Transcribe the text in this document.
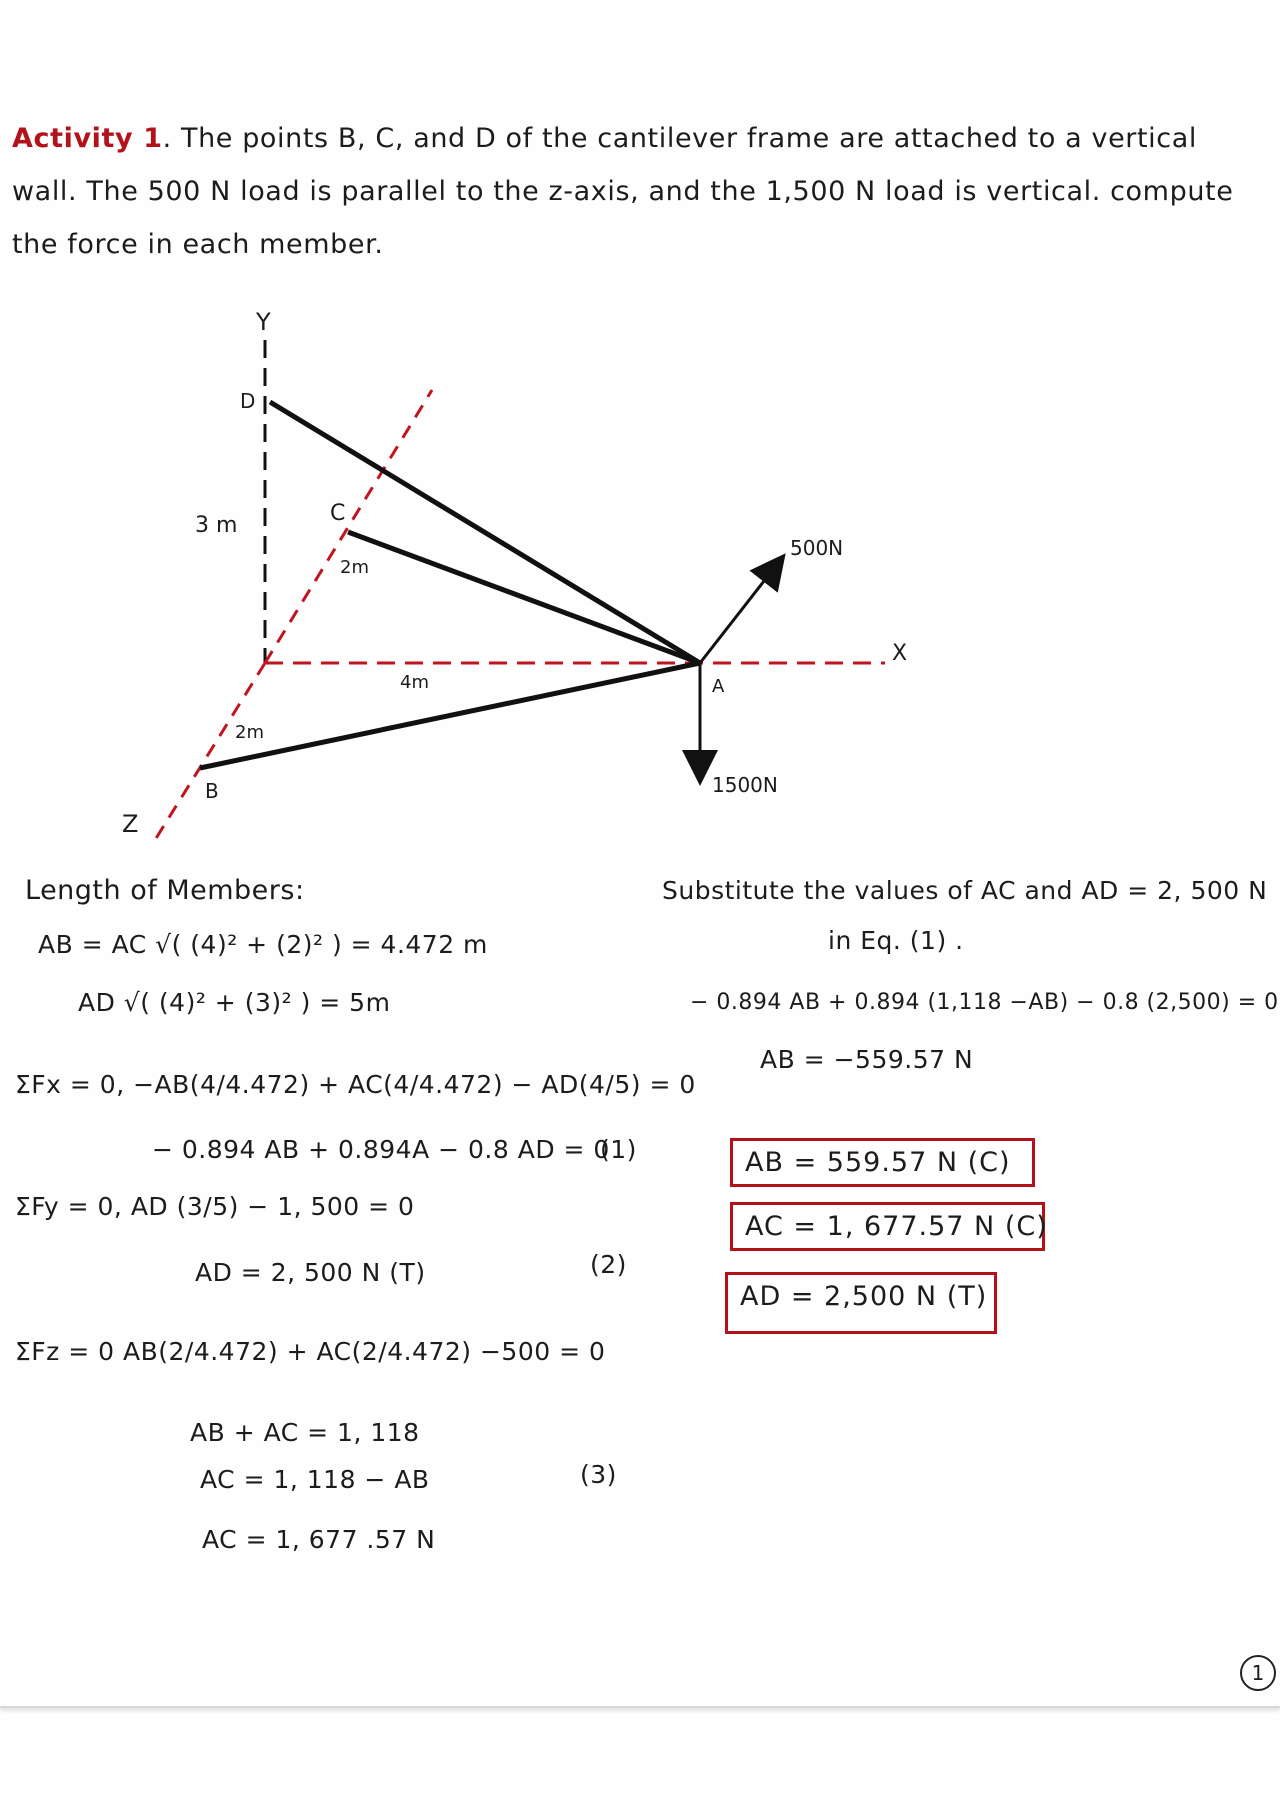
Activity 1. The points B, C, and D of the cantilever frame are attached to a vertical wall. The 500 N load is parallel to the z-axis, and the 1,500 N load is vertical. compute the force in each member.
Y
D
3 m	C
2m
500N
X
4m	A
2m
B	1500N
Z
Length of Members:
AB = AC √( (4)² + (2)² ) = 4.472 m
AD √( (4)² + (3)² ) = 5m
ΣFx = 0, −AB(4/4.472) + AC(4/4.472) − AD(4/5) = 0
− 0.894 AB + 0.894A − 0.8 AD = 0
(1)
ΣFy = 0, AD (3/5) − 1, 500 = 0
AD = 2, 500 N (T)	(2)
ΣFz = 0 AB(2/4.472) + AC(2/4.472) −500 = 0
AB + AC = 1, 118
AC = 1, 118 − AB	(3)
AC = 1, 677 .57 N
Substitute the values of AC and AD = 2, 500 N
in Eq. (1) .
− 0.894 AB + 0.894 (1,118 −AB) − 0.8 (2,500) = 0
AB = −559.57 N
AB = 559.57 N (C)
AC = 1, 677.57 N (C)
AD = 2,500 N (T)
1
